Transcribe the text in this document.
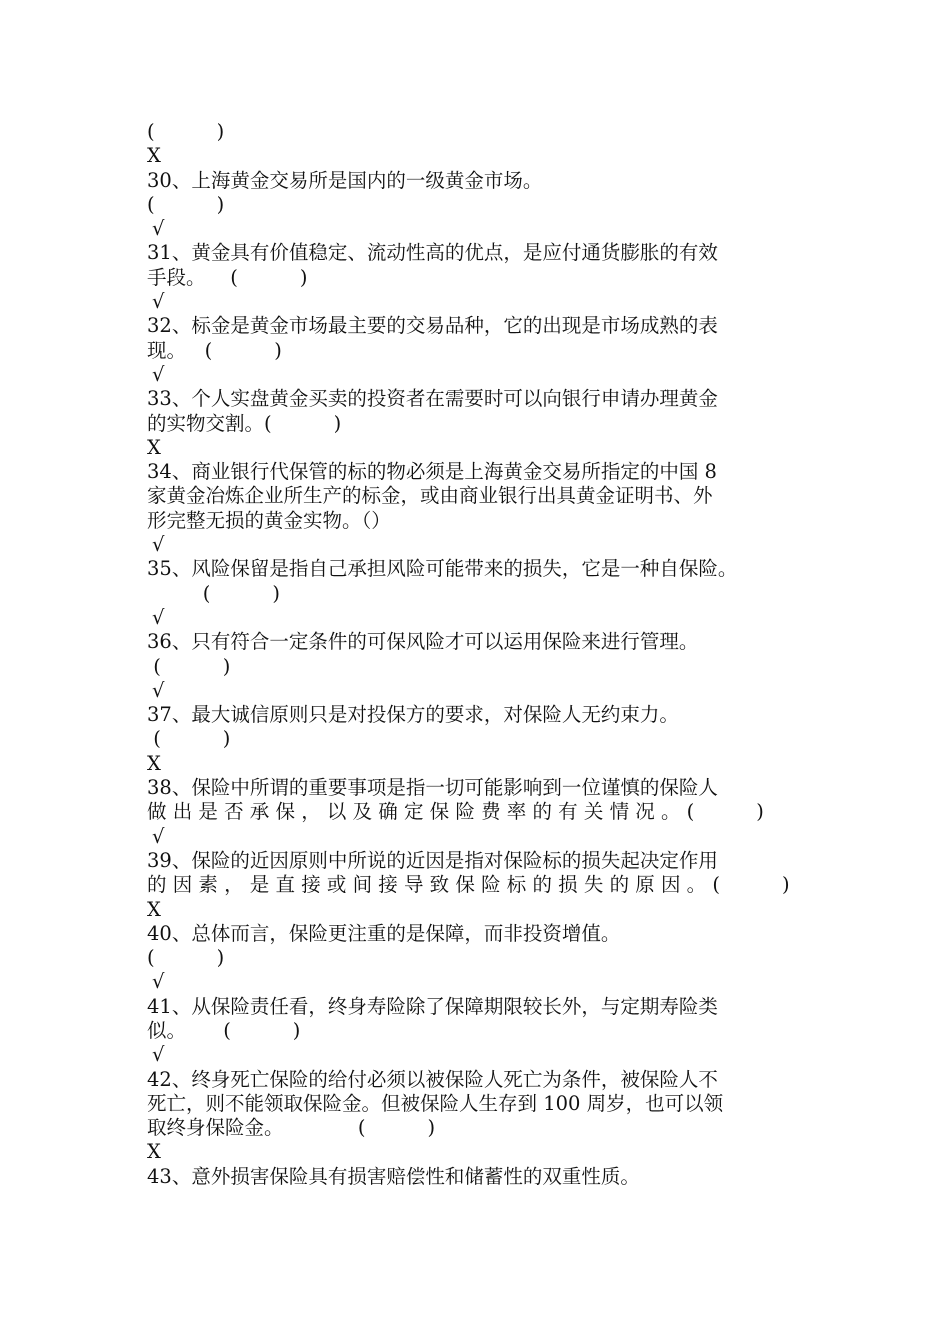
(          )
X
30、上海黄金交易所是国内的一级黄金市场。
(          )
√
31、黄金具有价值稳定、流动性高的优点，是应付通货膨胀的有效
手段。    (          )
√
32、标金是黄金市场最主要的交易品种，它的出现是市场成熟的表
现。   (          )
√
33、个人实盘黄金买卖的投资者在需要时可以向银行申请办理黄金
的实物交割。(          )
X
34、商业银行代保管的标的物必须是上海黄金交易所指定的中国 8
家黄金冶炼企业所生产的标金，或由商业银行出具黄金证明书、外
形完整无损的黄金实物。（）
√
35、风险保留是指自己承担风险可能带来的损失，它是一种自保险。
(          )
√
36、只有符合一定条件的可保风险才可以运用保险来进行管理。
(          )
√
37、最大诚信原则只是对投保方的要求，对保险人无约束力。
(          )
X
38、保险中所谓的重要事项是指一切可能影响到一位谨慎的保险人
做 出 是 否 承 保 ， 以 及 确 定 保 险 费 率 的 有 关 情 况 。 (          )
√
39、保险的近因原则中所说的近因是指对保险标的损失起决定作用
的 因 素 ， 是 直 接 或 间 接 导 致 保 险 标 的 损 失 的 原 因 。 (          )
X
40、总体而言，保险更注重的是保障，而非投资增值。
(          )
√
41、从保险责任看，终身寿险除了保障期限较长外，与定期寿险类
似。      (          )
√
42、终身死亡保险的给付必须以被保险人死亡为条件，被保险人不
死亡，则不能领取保险金。但被保险人生存到 100 周岁，也可以领
取终身保险金。            (          )
X
43、意外损害保险具有损害赔偿性和储蓄性的双重性质。
